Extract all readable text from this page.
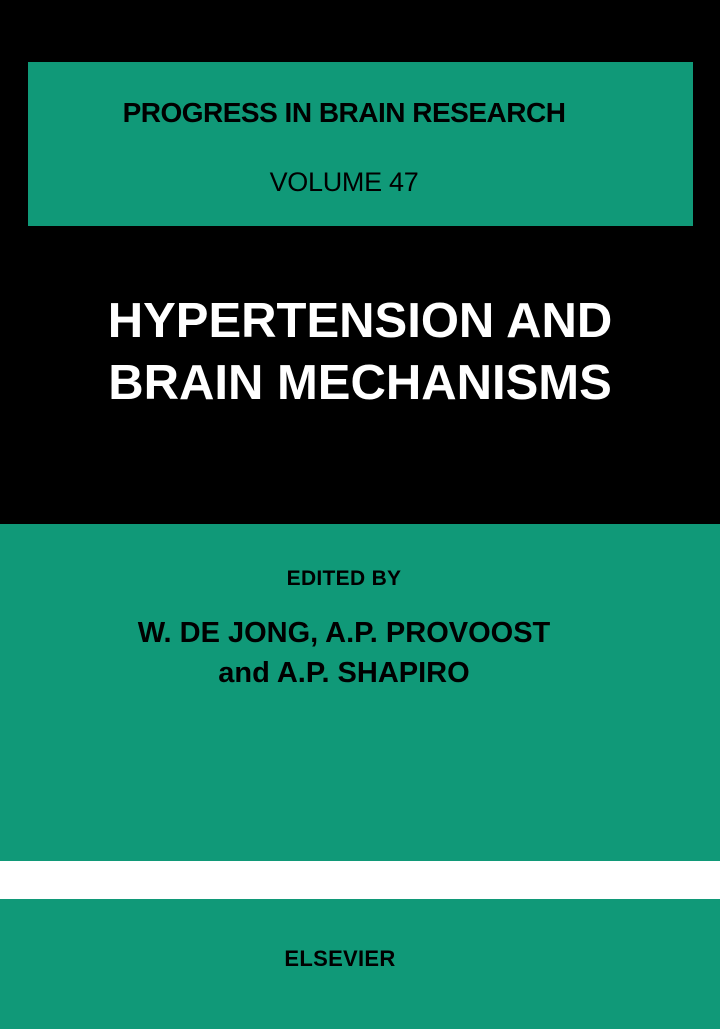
PROGRESS IN BRAIN RESEARCH

VOLUME 47

HYPERTENSION AND
BRAIN MECHANISMS

EDITED BY

W. DE JONG, A.P. PROVOOST
and A.P. SHAPIRO

ELSEVIER
